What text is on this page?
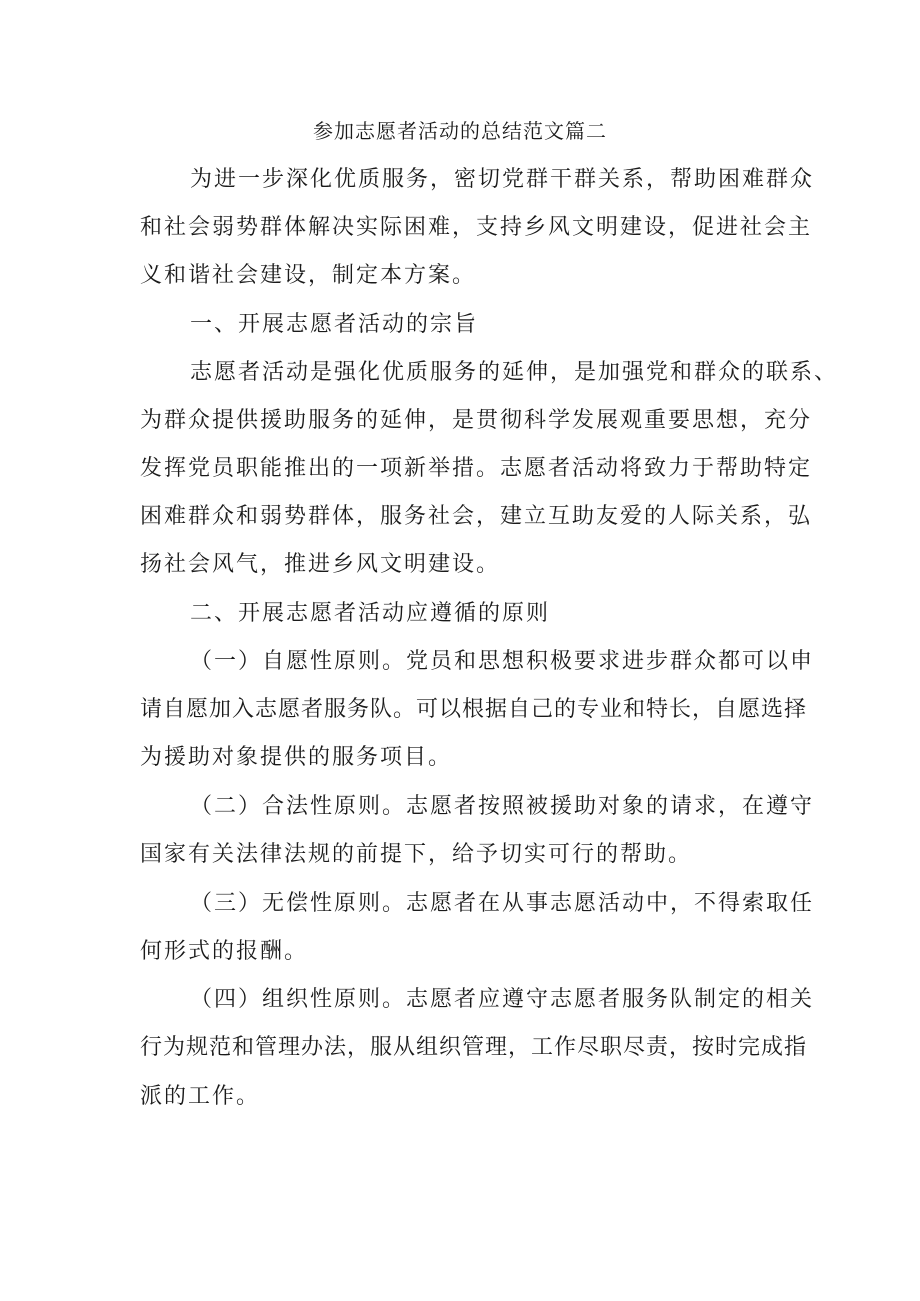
参加志愿者活动的总结范文篇二
为进一步深化优质服务，密切党群干群关系，帮助困难群众
和社会弱势群体解决实际困难，支持乡风文明建设，促进社会主
义和谐社会建设，制定本方案。
一、开展志愿者活动的宗旨
志愿者活动是强化优质服务的延伸，是加强党和群众的联系、
为群众提供援助服务的延伸，是贯彻科学发展观重要思想，充分
发挥党员职能推出的一项新举措。志愿者活动将致力于帮助特定
困难群众和弱势群体，服务社会，建立互助友爱的人际关系，弘
扬社会风气，推进乡风文明建设。
二、开展志愿者活动应遵循的原则
（一）自愿性原则。党员和思想积极要求进步群众都可以申
请自愿加入志愿者服务队。可以根据自己的专业和特长，自愿选择
为援助对象提供的服务项目。
（二）合法性原则。志愿者按照被援助对象的请求，在遵守
国家有关法律法规的前提下，给予切实可行的帮助。
（三）无偿性原则。志愿者在从事志愿活动中，不得索取任
何形式的报酬。
（四）组织性原则。志愿者应遵守志愿者服务队制定的相关
行为规范和管理办法，服从组织管理，工作尽职尽责，按时完成指
派的工作。
